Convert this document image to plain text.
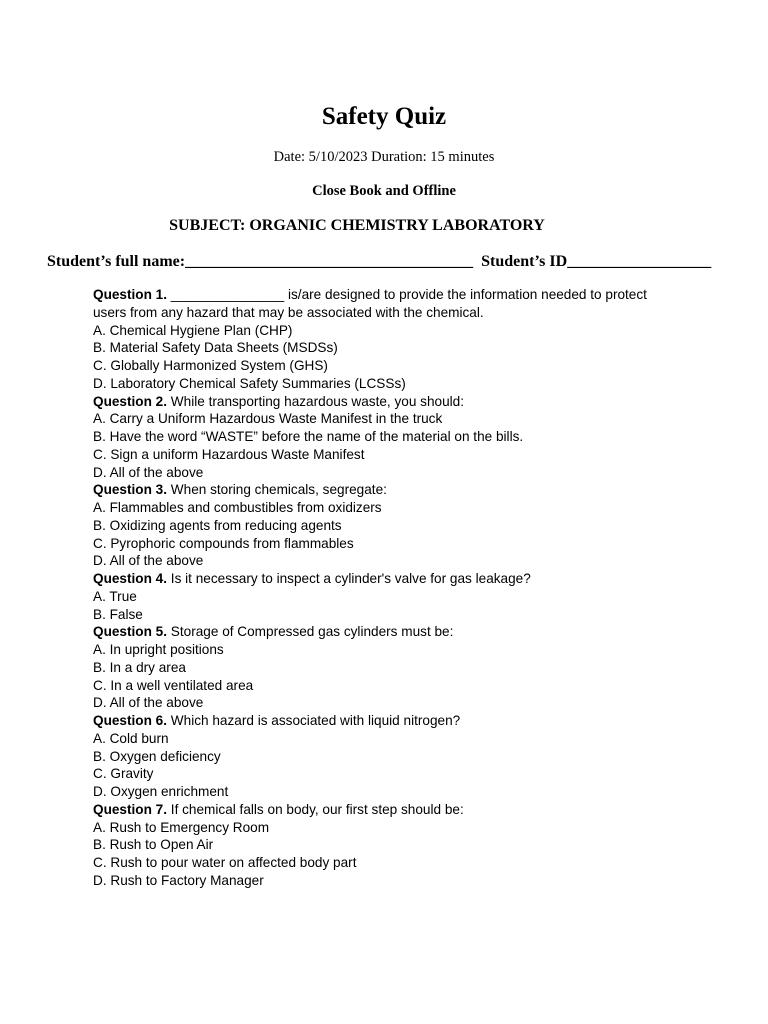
Safety Quiz
Date: 5/10/2023 Duration: 15 minutes
Close Book and Offline
SUBJECT: ORGANIC CHEMISTRY LABORATORY
Student’s full name:____________________________________ Student’s ID__________________
Question 1. _______________ is/are designed to provide the information needed to protect
users from any hazard that may be associated with the chemical.
A. Chemical Hygiene Plan (CHP)
B. Material Safety Data Sheets (MSDSs)
C. Globally Harmonized System (GHS)
D. Laboratory Chemical Safety Summaries (LCSSs)
Question 2. While transporting hazardous waste, you should:
A. Carry a Uniform Hazardous Waste Manifest in the truck
B. Have the word “WASTE” before the name of the material on the bills.
C. Sign a uniform Hazardous Waste Manifest
D. All of the above
Question 3. When storing chemicals, segregate:
A. Flammables and combustibles from oxidizers
B. Oxidizing agents from reducing agents
C. Pyrophoric compounds from flammables
D. All of the above
Question 4. Is it necessary to inspect a cylinder's valve for gas leakage?
A. True
B. False
Question 5. Storage of Compressed gas cylinders must be:
A. In upright positions
B. In a dry area
C. In a well ventilated area
D. All of the above
Question 6. Which hazard is associated with liquid nitrogen?
A. Cold burn
B. Oxygen deficiency
C. Gravity
D. Oxygen enrichment
Question 7. If chemical falls on body, our first step should be:
A. Rush to Emergency Room
B. Rush to Open Air
C. Rush to pour water on affected body part
D. Rush to Factory Manager
